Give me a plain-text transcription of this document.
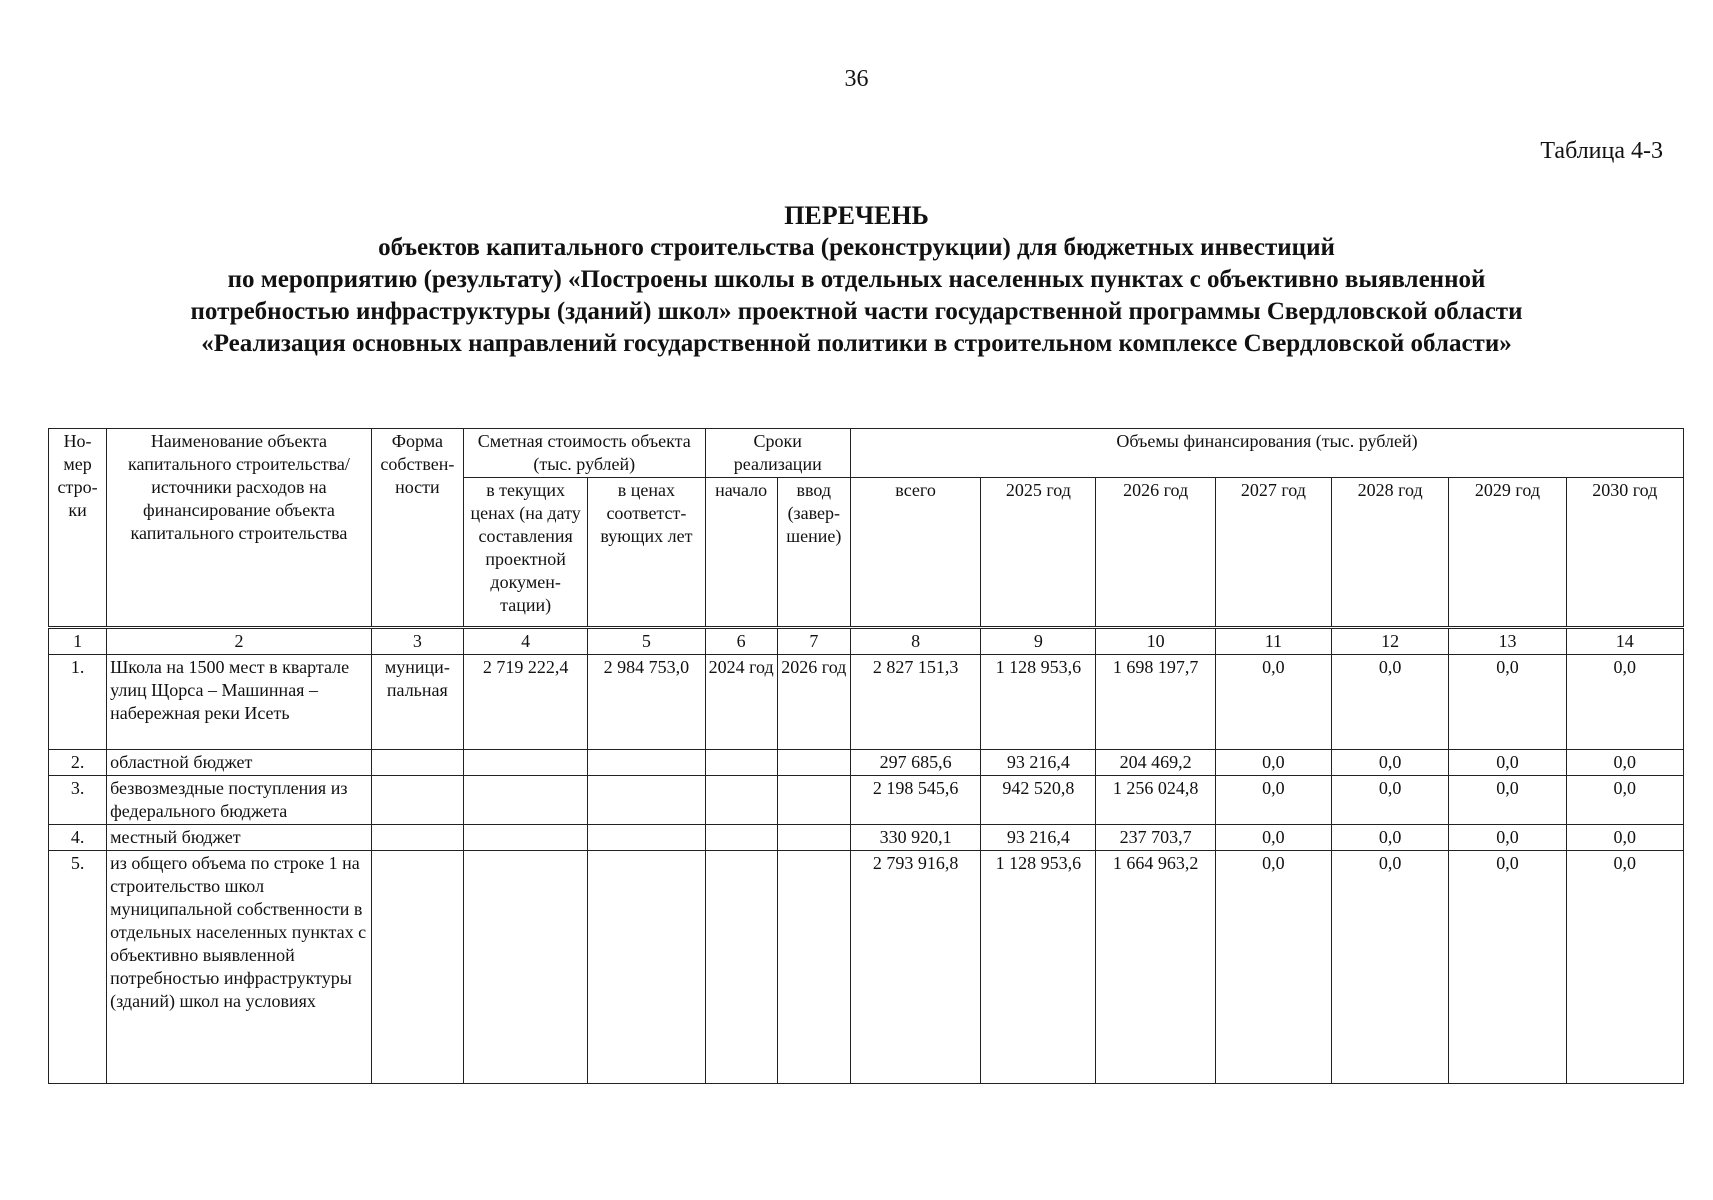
36
Таблица 4-3
ПЕРЕЧЕНЬ
объектов капитального строительства (реконструкции) для бюджетных инвестиций
по мероприятию (результату) «Построены школы в отдельных населенных пунктах с объективно выявленной
потребностью инфраструктуры (зданий) школ» проектной части государственной программы Свердловской области
«Реализация основных направлений государственной политики в строительном комплексе Свердловской области»
Но-мер стро-ки	Наименование объекта капитального строительства/ источники расходов на финансирование объекта капитального строительства	Форма собствен-ности	Сметная стоимость объекта (тыс. рублей)		Сроки реализации		Объемы финансирования (тыс. рублей)						
			в текущих ценах (на дату составления проектной докумен-тации)	в ценах соответст-вующих лет	начало	ввод (завер-шение)	всего	2025 год	2026 год	2027 год	2028 год	2029 год	2030 год
1	2	3	4	5	6	7	8	9	10	11	12	13	14
1.	Школа на 1500 мест в квартале улиц Щорса – Машинная – набережная реки Исеть	муници-пальная	2 719 222,4	2 984 753,0	2024 год	2026 год	2 827 151,3	1 128 953,6	1 698 197,7	0,0	0,0	0,0	0,0
2.	областной бюджет						297 685,6	93 216,4	204 469,2	0,0	0,0	0,0	0,0
3.	безвозмездные поступления из федерального бюджета						2 198 545,6	942 520,8	1 256 024,8	0,0	0,0	0,0	0,0
4.	местный бюджет						330 920,1	93 216,4	237 703,7	0,0	0,0	0,0	0,0
5.	из общего объема по строке 1 на строительство школ муниципальной собственности в отдельных населенных пунктах с объективно выявленной потребностью инфраструктуры (зданий) школ на условиях						2 793 916,8	1 128 953,6	1 664 963,2	0,0	0,0	0,0	0,0
